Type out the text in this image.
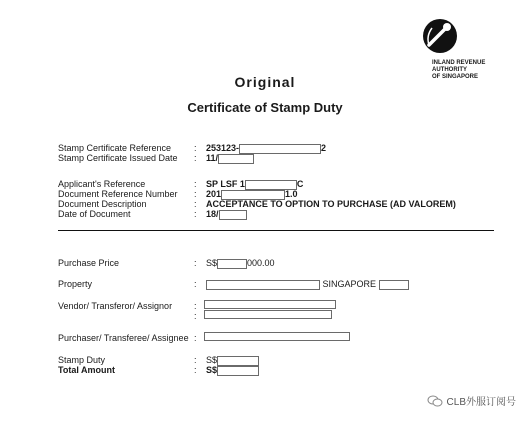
INLAND REVENUE
AUTHORITY
OF SINGAPORE
Original
Certificate of Stamp Duty
Stamp Certificate Reference	: 253123-	2
Stamp Certificate Issued Date : 11/
Applicant's Reference	: SP LSF 1	C
Document Reference Number : 201	1.0
Document Description	: ACCEPTANCE TO OPTION TO PURCHASE (AD VALOREM)
Date of Document	: 18/
Purchase Price	: S$	000.00
Property	:	SINGAPORE
Vendor/ Transferor/ Assignor :
:
Purchaser/ Transferee/ Assignee :
Stamp Duty	: S$
Total Amount	: S$
CLB外服订阅号
